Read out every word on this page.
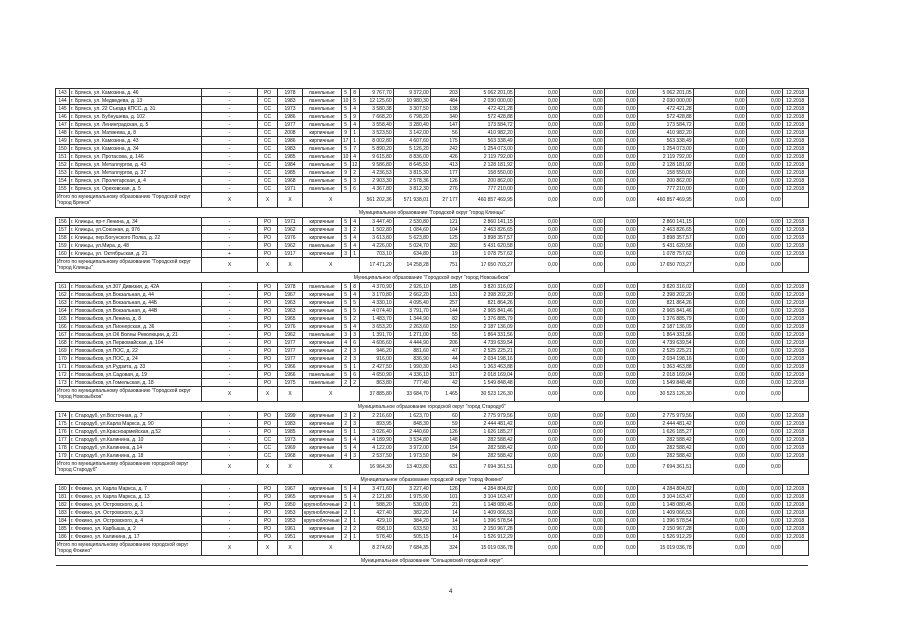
143	г. Брянск, ул. Камозина, д. 46	-	РО	1978	панельные	5	8	9 767,70	9 372,00	203	5 062 201,05	0,00	0,00	0,00	5 062 201,05	0,00	0,00	12.2018
144	г. Брянск, ул. Медведева, д. 13	-	СС	1983	панельные	10	5	12 125,60	10 980,30	484	2 030 000,00	0,00	0,00	0,00	2 030 000,00	0,00	0,00	12.2018
145	г. Брянск, ул. 22 Съезда КПСС, д. 31	-	СС	1973	панельные	5	4	3 580,38	3 307,50	138	472 421,28	0,00	0,00	0,00	472 421,28	0,00	0,00	12.2018
146	г. Брянск, ул. Бубнушева, д. 102	-	СС	1986	панельные	5	9	7 668,20	6 798,20	340	572 428,88	0,00	0,00	0,00	572 428,88	0,00	0,00	12.2018
147	г. Брянск, ул. Ленинградская, д. 5	-	СС	1977	панельные	5	4	3 558,40	3 280,40	147	173 584,72	0,00	0,00	0,00	173 584,72	0,00	0,00	12.2018
148	г. Брянск, ул. Матвеева, д. 8	-	СС	2008	кирпичные	9	1	3 523,50	3 142,00	56	410 982,20	0,00	0,00	0,00	410 982,20	0,00	0,00	12.2018
149	г. Брянск, ул. Камозина, д. 43	-	СС	1986	кирпичные	17	1	8 002,80	4 607,60	175	563 338,49	0,00	0,00	0,00	563 338,49	0,00	0,00	12.2018
150	г. Брянск, ул. Камозина, д. 34	-	СС	1983	панельные	5	7	5 890,20	5 126,20	242	1 254 073,00	0,00	0,00	0,00	1 254 073,00	0,00	0,00	12.2018
151	г. Брянск, ул. Протасова, д. 146	-	СС	1985	панельные	10	4	9 615,80	8 836,00	426	2 119 792,00	0,00	0,00	0,00	2 119 792,00	0,00	0,00	12.2018
152	г. Брянск, ул. Металлургов, д. 43	-	СС	1984	панельные	5	12	9 586,80	8 645,50	413	2 128 181,92	0,00	0,00	0,00	2 128 181,92	0,00	0,00	12.2018
153	г. Брянск, ул. Металлургов, д. 37	-	СС	1985	панельные	9	2	4 236,53	3 815,30	177	158 550,00	0,00	0,00	0,00	158 550,00	0,00	0,00	12.2018
154	г. Брянск, ул. Пролетарская, д. 4	-	СС	1968	панельные	5	3	2 903,30	2 578,36	126	200 862,00	0,00	0,00	0,00	200 862,00	0,00	0,00	12.2018
155	г. Брянск, ул. Ореховская, д. 5	-	СС	1971	панельные	5	6	4 367,80	3 812,30	276	777 210,00	0,00	0,00	0,00	777 210,00	0,00	0,00	12.2018
Итого по муниципальному образованию "Городской округ "город Брянск"		X	X	X	X			561 202,36	571 938,01	27 177	460 857 469,95	0,00	0,00	0,00	460 857 469,95	0,00	0,00	
Муниципальное образование "Городской округ "город Клинцы"																		
156	г. Клинцы, пр-т Ленина, д. 34	-	РО	1971	кирпичные	5	4	3 447,40	2 530,80	121	2 860 141,15	0,00	0,00	0,00	2 860 141,15	0,00	0,00	12.2018
157	г. Клинцы, ул.Союзная, д. 97б	-	РО	1962	кирпичные	3	2	1 502,80	1 084,60	104	2 463 826,65	0,00	0,00	0,00	2 463 826,65	0,00	0,00	12.2018
158	г. Клинцы, пер.Богунского Полка, д. 22	-	РО	1976	кирпичные	5	4	3 613,80	5 623,80	125	3 898 357,57	0,00	0,00	0,00	3 898 357,57	0,00	0,00	12.2018
159	г. Клинцы, ул.Мира, д. 48	-	РО	1962	панельные	5	4	4 226,00	5 024,70	282	5 431 620,58	0,00	0,00	0,00	5 431 620,58	0,00	0,00	12.2018
160	г. Клинцы, ул. Октябрьская, д. 21	+	РО	1917	кирпичные	3	1	703,10	634,80	19	1 078 757,62	0,00	0,00	0,00	1 078 757,62	0,00	0,00	12.2018
Итого по муниципальному образованию "Городской округ "город Клинцы"		X	X	X	X			17 471,20	14 258,28	751	17 650 703,27	0,00	0,00	0,00	17 650 703,27	0,00	0,00	
Муниципальное образование "Городской округ "город Новозыбков"																		
161	г. Новозыбков, ул.307 Дивизии, д. 42А	-	РО	1978	панельные	5	8	4 370,90	2 926,10	185	3 820 316,02	0,00	0,00	0,00	3 820 316,02	0,00	0,00	12.2018
162	г. Новозыбков, ул.Вокзальная, д. 44	-	РО	1967	кирпичные	5	4	3 170,80	2 662,20	131	2 398 202,20	0,00	0,00	0,00	2 398 202,20	0,00	0,00	12.2018
163	г. Новозыбков, ул.Вокзальная, д. 44Б	-	РО	1963	кирпичные	5	5	4 330,10	4 095,40	257	821 864,26	0,00	0,00	0,00	821 864,26	0,00	0,00	12.2018
164	г. Новозыбков, ул.Вокзальная, д. 44В	-	РО	1963	кирпичные	5	5	4 074,40	3 791,70	144	2 965 841,46	0,00	0,00	0,00	2 965 841,46	0,00	0,00	12.2018
165	г. Новозыбков, ул.Ленина, д. 8	-	РО	1965	кирпичные	5	2	1 483,70	1 344,90	82	1 376 885,79	0,00	0,00	0,00	1 376 885,79	0,00	0,00	12.2018
166	г. Новозыбков, ул.Пионерская, д. 36	-	РО	1976	кирпичные	5	4	3 653,20	2 263,60	150	2 187 136,09	0,00	0,00	0,00	2 187 136,09	0,00	0,00	12.2018
167	г. Новозыбков, ул.ОК Волны Революции, д. 21	-	РО	1962	панельные	3	3	1 391,70	1 271,00	55	1 864 331,56	0,00	0,00	0,00	1 864 331,56	0,00	0,00	12.2018
168	г. Новозыбков, ул.Первомайская, д. 104	-	РО	1977	кирпичные	4	6	4 606,60	4 444,90	206	4 739 639,54	0,00	0,00	0,00	4 739 639,54	0,00	0,00	12.2018
169	г. Новозыбков, ул.ПОС, д. 22	-	РО	1977	кирпичные	2	3	946,20	881,60	47	2 525 225,21	0,00	0,00	0,00	2 525 225,21	0,00	0,00	12.2018
170	г. Новозыбков, ул.ПОС, д. 24	-	РО	1977	кирпичные	2	3	916,00	836,90	44	2 034 198,16	0,00	0,00	0,00	2 034 198,16	0,00	0,00	12.2018
171	г. Новозыбков, ул.Рудзита, д. 33	-	РО	1966	кирпичные	5	1	2 427,50	1 990,30	143	1 363 463,88	0,00	0,00	0,00	1 363 463,88	0,00	0,00	12.2018
172	г. Новозыбков, ул.Садовая, д. 19	-	РО	1966	панельные	5	6	4 650,90	4 336,10	317	2 018 169,04	0,00	0,00	0,00	2 018 169,04	0,00	0,00	12.2018
173	г. Новозыбков, ул.Гомельская, д. 18	-	РО	1975	панельные	2	2	863,80	777,40	42	1 549 848,48	0,00	0,00	0,00	1 549 848,48	0,00	0,00	12.2018
Итого по муниципальному образованию "Городской округ "город Новозыбков"		X	X	X	X			37 885,80	33 684,70	1 465	30 523 126,30	0,00	0,00	0,00	30 523 126,30	0,00	0,00	
Муниципальное образование городской округ "город Стародуб"																		
174	г. Стародуб, ул.Восточная, д. 7	-	РО	1999	кирпичные	3	2	2 216,60	1 623,70	60	2 775 979,56	0,00	0,00	0,00	2 775 979,56	0,00	0,00	12.2018
175	г. Стародуб, ул.Карла Маркса, д. 90	-	РО	1983	кирпичные	2	3	893,95	848,30	59	2 444 481,42	0,00	0,00	0,00	2 444 481,42	0,00	0,00	12.2018
176	г. Стародуб, ул.Красноармейская, д.52	-	РО	1985	кирпичные	5	1	3 026,40	2 440,60	126	1 626 185,27	0,00	0,00	0,00	1 626 185,27	0,00	0,00	12.2018
177	г. Стародуб, ул.Калинина, д. 10	-	СС	1973	кирпичные	5	4	4 189,90	3 534,80	148	282 588,42	0,00	0,00	0,00	282 588,42	0,00	0,00	12.2018
178	г. Стародуб, ул.Калинина, д.14	-	СС	1969	кирпичные	5	4	4 122,00	3 972,00	154	282 588,42	0,00	0,00	0,00	282 588,42	0,00	0,00	12.2018
179	г. Стародуб, ул.Калинина, д. 18	-	СС	1968	кирпичные	4	3	2 537,50	1 973,50	84	282 588,42	0,00	0,00	0,00	282 588,42	0,00	0,00	12.2018
Итого по муниципальному образованию городской округ "город Стародуб"		X	X	X	X			16 964,30	13 403,80	631	7 694 361,51	0,00	0,00	0,00	7 694 361,51	0,00	0,00	
Муниципальное образование городской округ "город Фокино"																		
180	г. Фокино, ул. Карла Маркса, д. 7	-	РО	1967	кирпичные	5	4	3 471,60	3 227,40	126	4 284 804,82	0,00	0,00	0,00	4 284 804,82	0,00	0,00	12.2018
181	г. Фокино, ул. Карла Маркса, д. 13	-	РО	1965	кирпичные	5	4	2 121,80	1 975,90	101	3 104 163,47	0,00	0,00	0,00	3 104 163,47	0,00	0,00	12.2018
182	г. Фокино, ул. Островского, д. 1	-	РО	1950	крупноблочные	2	1	588,20	530,00	21	1 148 080,45	0,00	0,00	0,00	1 148 080,45	0,00	0,00	12.2018
183	г. Фокино, ул. Островского, д. 3	-	РО	1953	крупноблочные	2	1	427,40	382,20	14	1 409 066,53	0,00	0,00	0,00	1 409 066,53	0,00	0,00	12.2018
184	г. Фокино, ул. Островского, д. 4	-	РО	1953	крупноблочные	2	1	429,10	384,20	14	1 396 578,54	0,00	0,00	0,00	1 396 578,54	0,00	0,00	12.2018
185	г. Фокино, ул. Карбыша, д. 2	-	РО	1961	кирпичные	2	2	658,10	633,50	31	2 150 967,28	0,00	0,00	0,00	2 150 967,28	0,00	0,00	12.2018
186	г. Фокино, ул. Калинина, д. 17	-	РО	1951	кирпичные	2	1	578,40	505,15	14	1 526 912,29	0,00	0,00	0,00	1 526 912,29	0,00	0,00	12.2018
Итого по муниципальному образованию городской округ "город Фокино"		X	X	X	X			8 274,60	7 684,35	324	15 019 036,78	0,00	0,00	0,00	15 019 036,78	0,00	0,00	
Муниципальное образование "Сельцовский городской округ"																		
4
